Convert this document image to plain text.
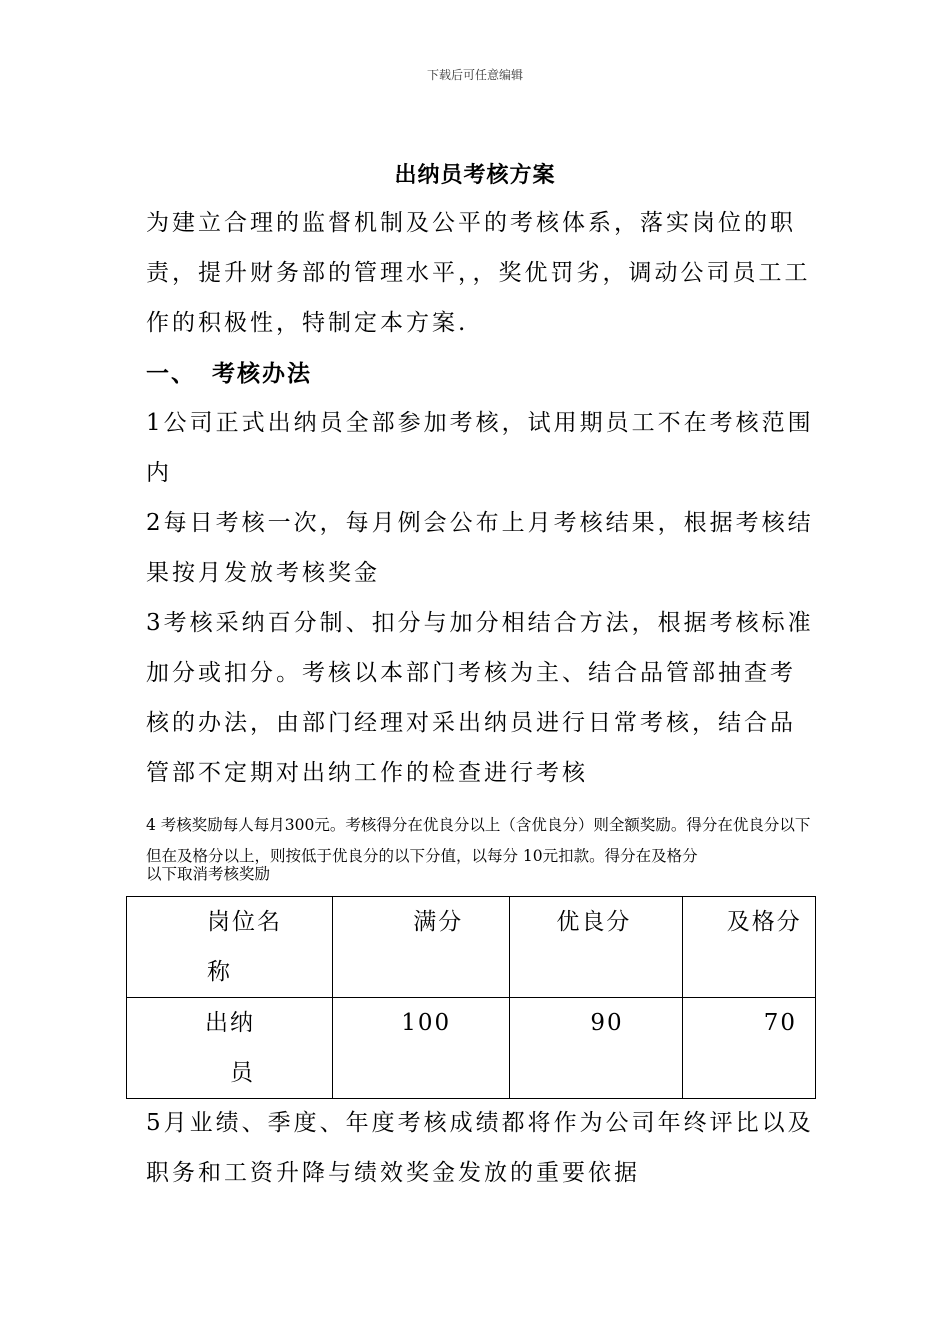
下载后可任意编辑
出纳员考核方案
为建立合理的监督机制及公平的考核体系，落实岗位的职责，提升财务部的管理水平，，奖优罚劣，调动公司员工工作的积极性，特制定本方案.
一、 考核办法
1公司正式出纳员全部参加考核，试用期员工不在考核范围内
2每日考核一次，每月例会公布上月考核结果，根据考核结果按月发放考核奖金
3考核采纳百分制、扣分与加分相结合方法，根据考核标准加分或扣分。考核以本部门考核为主、结合品管部抽查考核的办法，由部门经理对采出纳员进行日常考核，结合品管部不定期对出纳工作的检查进行考核
4 考核奖励每人每月300元。考核得分在优良分以上（含优良分）则全额奖励。得分在优良分以下但在及格分以上，则按低于优良分的以下分值，以每分 10元扣款。得分在及格分
以下取消考核奖励
岗位名称	满分	优良分	及格分

出纳员	100	90	70
5月业绩、季度、年度考核成绩都将作为公司年终评比以及职务和工资升降与绩效奖金发放的重要依据
